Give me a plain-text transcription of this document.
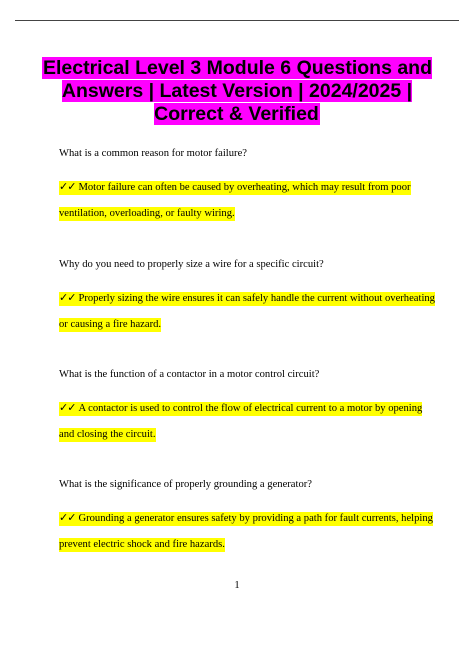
Electrical Level 3 Module 6 Questions and Answers | Latest Version | 2024/2025 | Correct & Verified

What is a common reason for motor failure?

✓✓ Motor failure can often be caused by overheating, which may result from poor ventilation, overloading, or faulty wiring.

Why do you need to properly size a wire for a specific circuit?

✓✓ Properly sizing the wire ensures it can safely handle the current without overheating or causing a fire hazard.

What is the function of a contactor in a motor control circuit?

✓✓ A contactor is used to control the flow of electrical current to a motor by opening and closing the circuit.

What is the significance of properly grounding a generator?

✓✓ Grounding a generator ensures safety by providing a path for fault currents, helping prevent electric shock and fire hazards.

1
